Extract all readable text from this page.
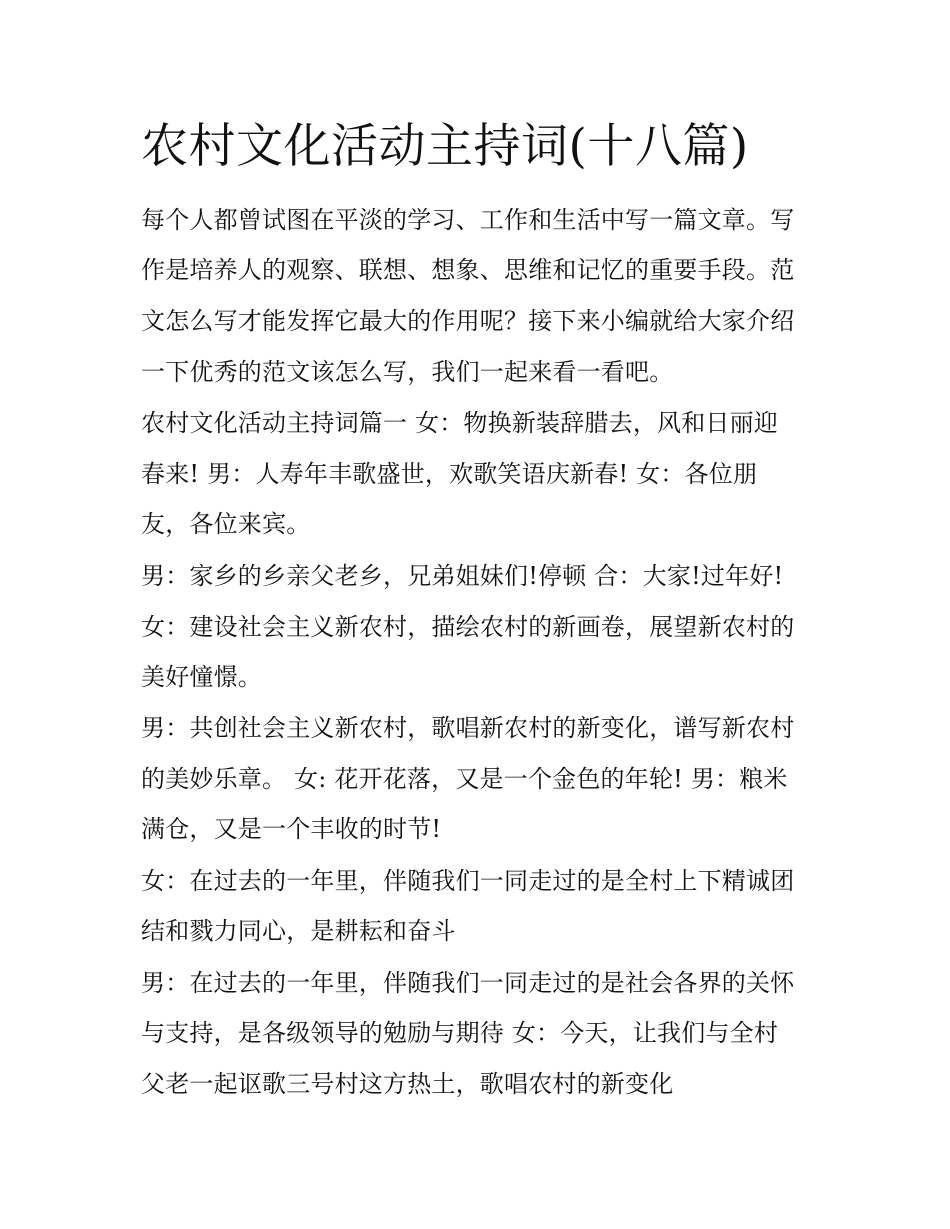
农村文化活动主持词(十八篇)

每个人都曾试图在平淡的学习、工作和生活中写一篇文章。写

作是培养人的观察、联想、想象、思维和记忆的重要手段。范

文怎么写才能发挥它最大的作用呢？接下来小编就给大家介绍

一下优秀的范文该怎么写，我们一起来看一看吧。

农村文化活动主持词篇一 女：物换新装辞腊去，风和日丽迎

春来! 男：人寿年丰歌盛世，欢歌笑语庆新春! 女：各位朋

友，各位来宾。

男：家乡的乡亲父老乡，兄弟姐妹们!停顿 合：大家!过年好!

女：建设社会主义新农村，描绘农村的新画卷，展望新农村的

美好憧憬。

男：共创社会主义新农村，歌唱新农村的新变化，谱写新农村

的美妙乐章。 女: 花开花落，又是一个金色的年轮! 男：粮米

满仓，又是一个丰收的时节!

女：在过去的一年里，伴随我们一同走过的是全村上下精诚团

结和戮力同心，是耕耘和奋斗

男：在过去的一年里，伴随我们一同走过的是社会各界的关怀

与支持，是各级领导的勉励与期待 女：今天，让我们与全村

父老一起讴歌三号村这方热土，歌唱农村的新变化
